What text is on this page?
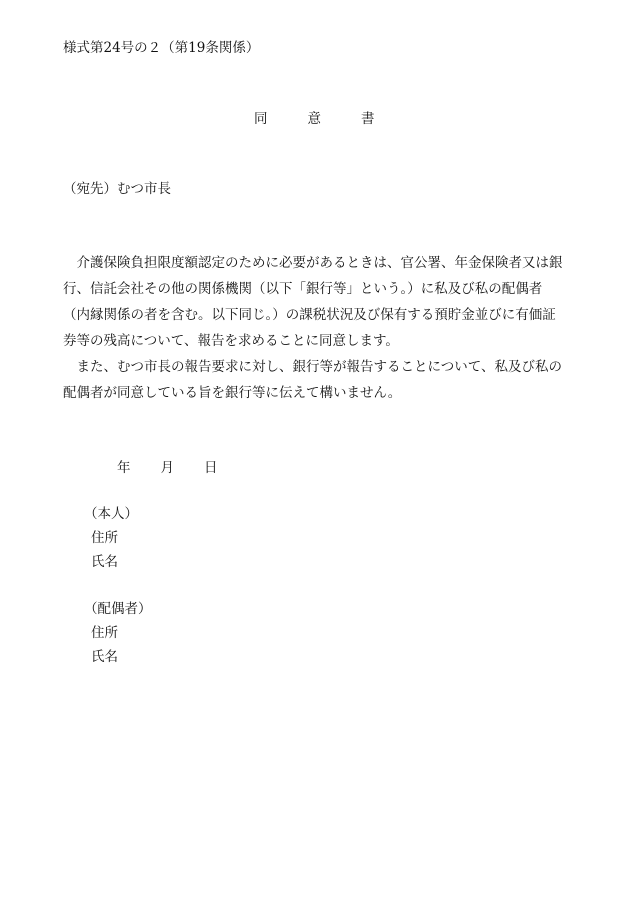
様式第24号の２（第19条関係）
同	意	書
（宛先）むつ市長
　介護保険負担限度額認定のために必要があるときは、官公署、年金保険者又は銀
行、信託会社その他の関係機関（以下「銀行等」という。）に私及び私の配偶者
（内縁関係の者を含む。以下同じ。）の課税状況及び保有する預貯金並びに有価証
券等の残高について、報告を求めることに同意します。
　また、むつ市長の報告要求に対し、銀行等が報告することについて、私及び私の
配偶者が同意している旨を銀行等に伝えて構いません。
年 月 日
（本人）
住所
氏名
（配偶者）
住所
氏名
